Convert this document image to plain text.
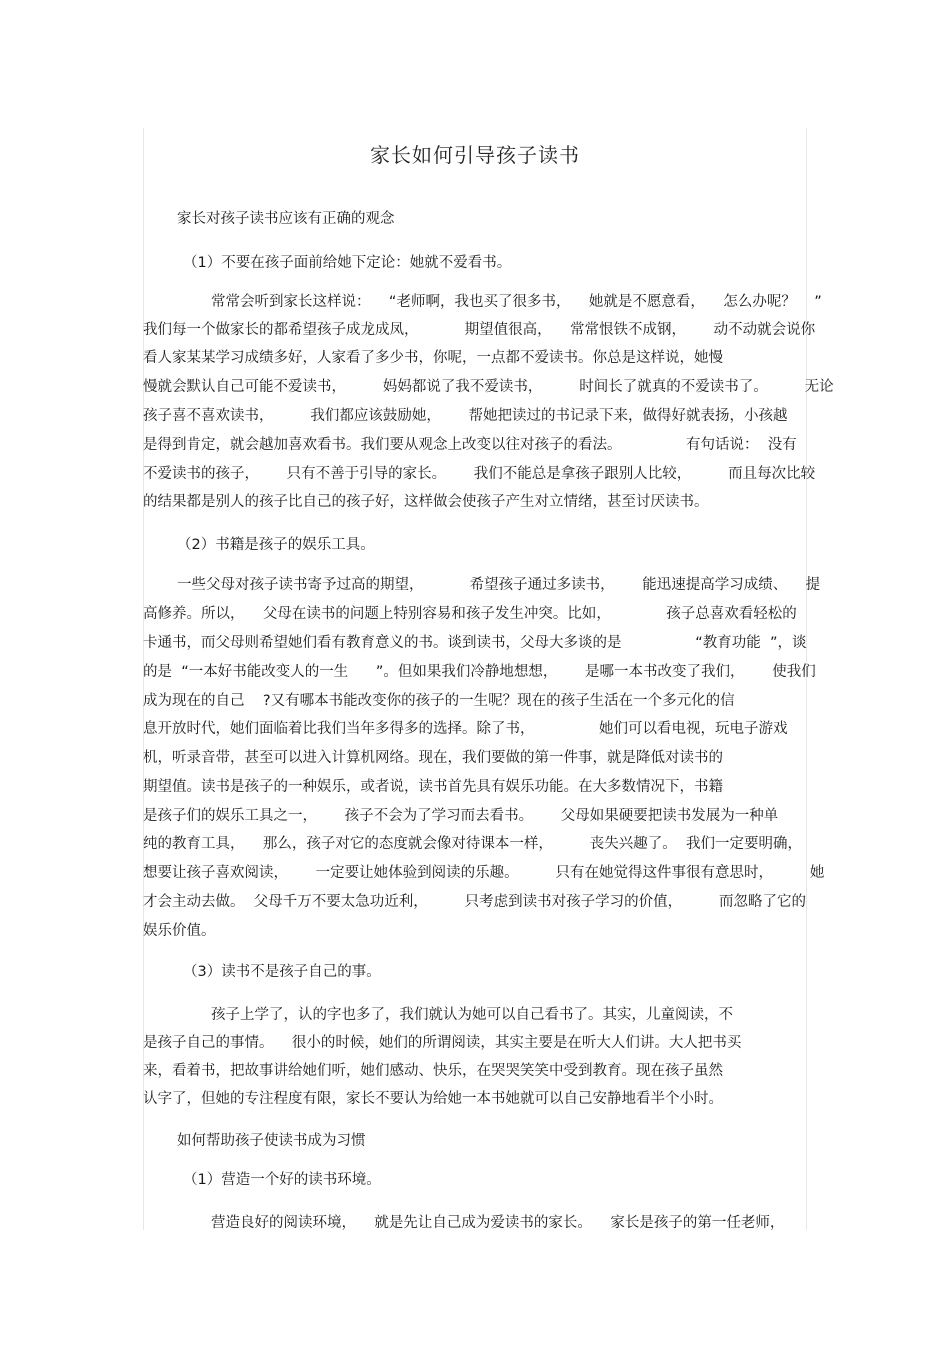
家长如何引导孩子读书
家长对孩子读书应该有正确的观念
（1）不要在孩子面前给她下定论：她就不爱看书。
常常会听到家长这样说：    “老师啊，我也买了很多书，    她就是不愿意看，    怎么办呢？    ”
我们每一个做家长的都希望孩子成龙成凤，          期望值很高，    常常恨铁不成钢，      动不动就会说你
看人家某某学习成绩多好，人家看了多少书，你呢，一点都不爱读书。你总是这样说，她慢
慢就会默认自己可能不爱读书，        妈妈都说了我不爱读书，        时间长了就真的不爱读书了。        无论
孩子喜不喜欢读书，        我们都应该鼓励她，      帮她把读过的书记录下来，做得好就表扬，小孩越
是得到肯定，就会越加喜欢看书。我们要从观念上改变以往对孩子的看法。              有句话说：  没有
不爱读书的孩子，      只有不善于引导的家长。      我们不能总是拿孩子跟别人比较，        而且每次比较
的结果都是别人的孩子比自己的孩子好，这样做会使孩子产生对立情绪，甚至讨厌读书。
（2）书籍是孩子的娱乐工具。
一些父母对孩子读书寄予过高的期望，          希望孩子通过多读书，      能迅速提高学习成绩、    提
高修养。所以，    父母在读书的问题上特别容易和孩子发生冲突。比如，            孩子总喜欢看轻松的
卡通书，而父母则希望她们看有教育意义的书。谈到读书，父母大多谈的是                “教育功能  ”，谈
的是  “一本好书能改变人的一生      ”。但如果我们冷静地想想，      是哪一本书改变了我们，      使我们
成为现在的自己    ?又有哪本书能改变你的孩子的一生呢？现在的孩子生活在一个多元化的信
息开放时代，她们面临着比我们当年多得多的选择。除了书，              她们可以看电视，玩电子游戏
机，听录音带，甚至可以进入计算机网络。现在，我们要做的第一件事，就是降低对读书的
期望值。读书是孩子的一种娱乐，或者说，读书首先具有娱乐功能。在大多数情况下，书籍
是孩子们的娱乐工具之一，      孩子不会为了学习而去看书。      父母如果硬要把读书发展为一种单
纯的教育工具，    那么，孩子对它的态度就会像对待课本一样，        丧失兴趣了。  我们一定要明确，
想要让孩子喜欢阅读，      一定要让她体验到阅读的乐趣。        只有在她觉得这件事很有意思时，        她
才会主动去做。  父母千万不要太急功近利，        只考虑到读书对孩子学习的价值，        而忽略了它的
娱乐价值。
（3）读书不是孩子自己的事。
孩子上学了，认的字也多了，我们就认为她可以自己看书了。其实，儿童阅读，不
是孩子自己的事情。    很小的时候，她们的所谓阅读，其实主要是在听大人们讲。大人把书买
来，看着书，把故事讲给她们听，她们感动、快乐，在哭哭笑笑中受到教育。现在孩子虽然
认字了，但她的专注程度有限，家长不要认为给她一本书她就可以自己安静地看半个小时。
如何帮助孩子使读书成为习惯
（1）营造一个好的读书环境。
营造良好的阅读环境，    就是先让自己成为爱读书的家长。    家长是孩子的第一任老师，
